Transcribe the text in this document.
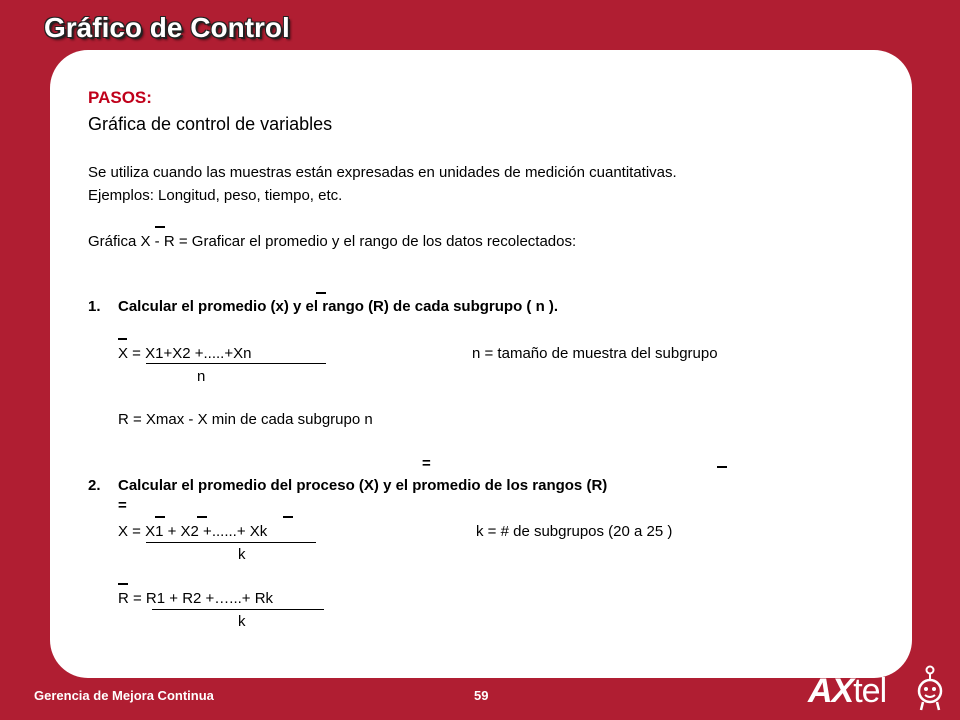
Gráfico de Control
PASOS:
Gráfica de control de variables
Se utiliza cuando las muestras están expresadas en unidades de medición cuantitativas.
Ejemplos: Longitud, peso, tiempo, etc.
Gráfica X - R = Graficar el promedio y el rango de los datos recolectados:
1. Calcular el promedio (x) y el rango (R) de cada subgrupo ( n ).
X = X1+X2 +.....+Xn	n = tamaño de muestra del subgrupo
n
R = Xmax - X min de cada subgrupo n
=
2. Calcular el promedio del proceso (X) y el promedio de los rangos (R)
=
X = X1 + X2 +......+ Xk	k = # de subgrupos (20 a 25 )
k
R = R1 + R2 +…...+ Rk
k
Gerencia de Mejora Continua	59	AXtel
